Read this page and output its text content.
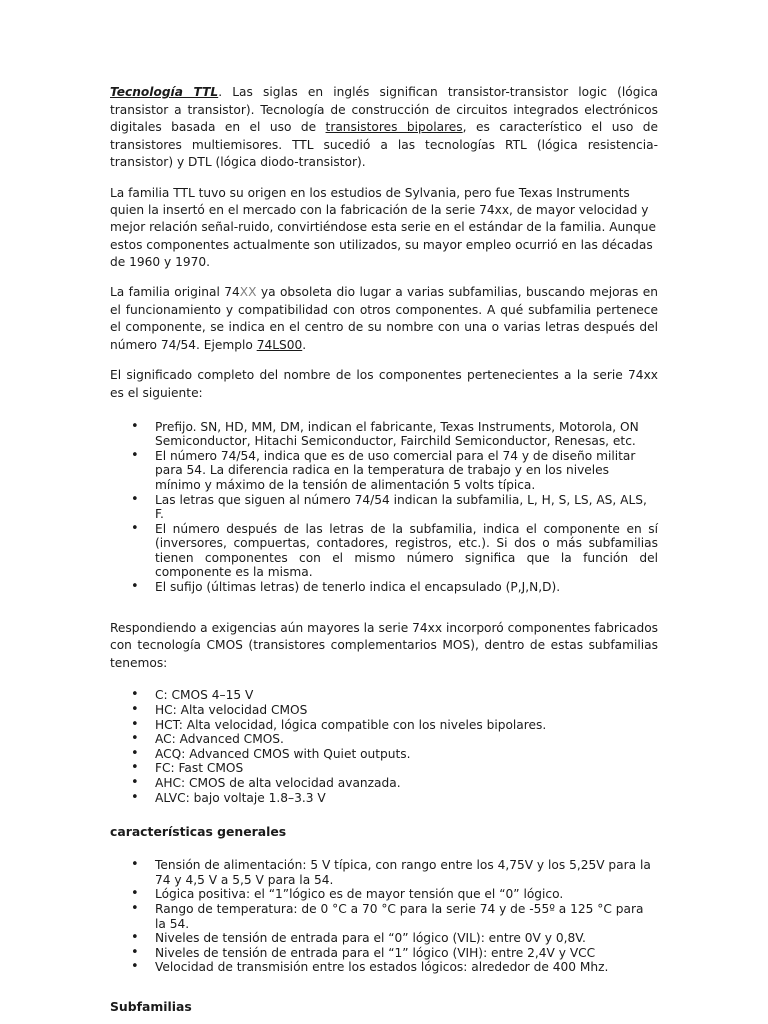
Tecnología TTL. Las siglas en inglés significan transistor-transistor logic (lógica transistor a transistor). Tecnología de construcción de circuitos integrados electrónicos digitales basada en el uso de transistores bipolares, es característico el uso de transistores multiemisores. TTL sucedió a las tecnologías RTL (lógica resistencia-transistor) y DTL (lógica diodo-transistor).

La familia TTL tuvo su origen en los estudios de Sylvania, pero fue Texas Instruments quien la insertó en el mercado con la fabricación de la serie 74xx, de mayor velocidad y mejor relación señal-ruido, convirtiéndose esta serie en el estándar de la familia. Aunque estos componentes actualmente son utilizados, su mayor empleo ocurrió en las décadas de 1960 y 1970.

La familia original 74XX ya obsoleta dio lugar a varias subfamilias, buscando mejoras en el funcionamiento y compatibilidad con otros componentes. A qué subfamilia pertenece el componente, se indica en el centro de su nombre con una o varias letras después del número 74/54. Ejemplo 74LS00.

El significado completo del nombre de los componentes pertenecientes a la serie 74xx es el siguiente:

• Prefijo. SN, HD, MM, DM, indican el fabricante, Texas Instruments, Motorola, ON Semiconductor, Hitachi Semiconductor, Fairchild Semiconductor, Renesas, etc.
• El número 74/54, indica que es de uso comercial para el 74 y de diseño militar para 54. La diferencia radica en la temperatura de trabajo y en los niveles mínimo y máximo de la tensión de alimentación 5 volts típica.
• Las letras que siguen al número 74/54 indican la subfamilia, L, H, S, LS, AS, ALS, F.
• El número después de las letras de la subfamilia, indica el componente en sí (inversores, compuertas, contadores, registros, etc.). Si dos o más subfamilias tienen componentes con el mismo número significa que la función del componente es la misma.
• El sufijo (últimas letras) de tenerlo indica el encapsulado (P,J,N,D).

Respondiendo a exigencias aún mayores la serie 74xx incorporó componentes fabricados con tecnología CMOS (transistores complementarios MOS), dentro de estas subfamilias tenemos:

• C: CMOS 4–15 V
• HC: Alta velocidad CMOS
• HCT: Alta velocidad, lógica compatible con los niveles bipolares.
• AC: Advanced CMOS.
• ACQ: Advanced CMOS with Quiet outputs.
• FC: Fast CMOS
• AHC: CMOS de alta velocidad avanzada.
• ALVC: bajo voltaje 1.8–3.3 V
características generales
• Tensión de alimentación: 5 V típica, con rango entre los 4,75V y los 5,25V para la 74 y 4,5 V a 5,5 V para la 54.
• Lógica positiva: el “1”lógico es de mayor tensión que el “0” lógico.
• Rango de temperatura: de 0 °C a 70 °C para la serie 74 y de -55º a 125 °C para la 54.
• Niveles de tensión de entrada para el “0” lógico (VIL): entre 0V y 0,8V.
• Niveles de tensión de entrada para el “1” lógico (VIH): entre 2,4V y VCC
• Velocidad de transmisión entre los estados lógicos: alrededor de 400 Mhz.
Subfamilias
